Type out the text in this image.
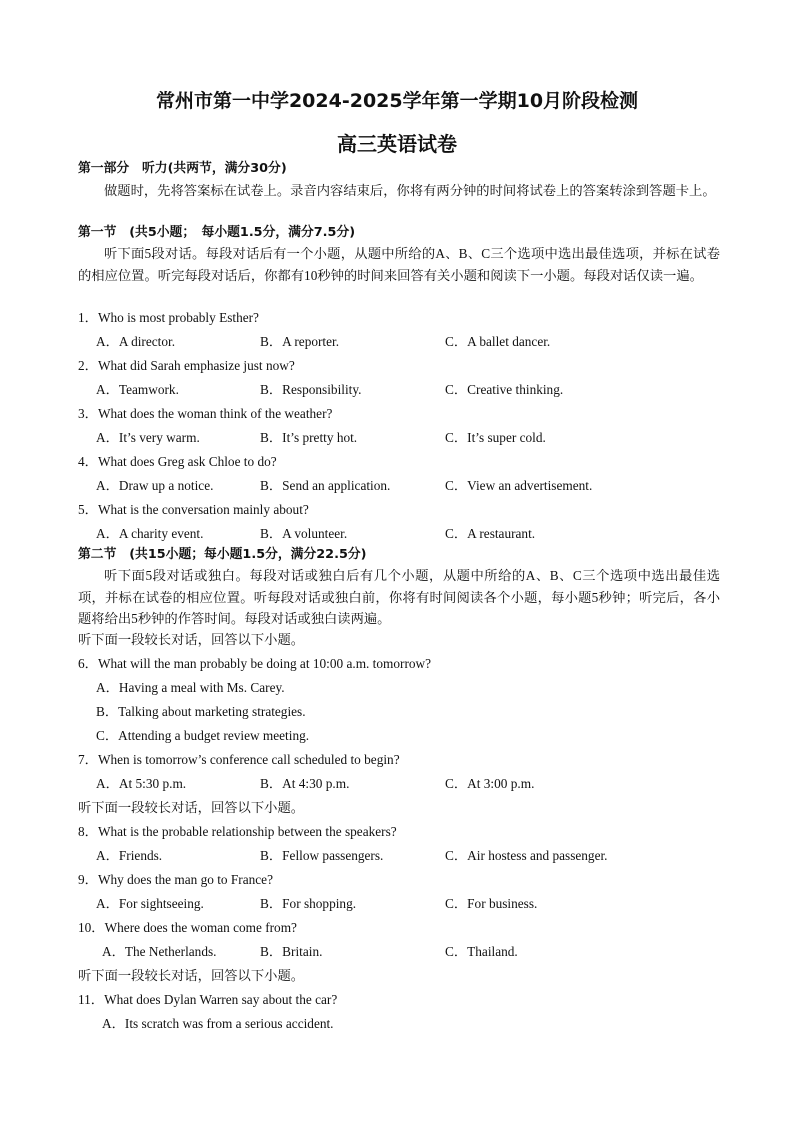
常州市第一中学2024-2025学年第一学期10月阶段检测
高三英语试卷
第一部分　听力(共两节，满分30分)
做题时，先将答案标在试卷上。录音内容结束后，你将有两分钟的时间将试卷上的答案转涂到答题卡上。
第一节　(共5小题；　每小题1.5分，满分7.5分)
听下面5段对话。每段对话后有一个小题，从题中所给的A、B、C三个选项中选出最佳选项，并标在试卷的相应位置。听完每段对话后，你都有10秒钟的时间来回答有关小题和阅读下一小题。每段对话仅读一遍。
1．Who is most probably Esther?
A．A director.	B．A reporter.	C．A ballet dancer.
2．What did Sarah emphasize just now?
A．Teamwork.	B．Responsibility.	C．Creative thinking.
3．What does the woman think of the weather?
A．It’s very warm.	B．It’s pretty hot.	C．It’s super cold.
4．What does Greg ask Chloe to do?
A．Draw up a notice.	B．Send an application.	C．View an advertisement.
5．What is the conversation mainly about?
A．A charity event.	B．A volunteer.	C．A restaurant.
第二节　(共15小题；每小题1.5分，满分22.5分)
听下面5段对话或独白。每段对话或独白后有几个小题，从题中所给的A、B、C三个选项中选出最佳选项，并标在试卷的相应位置。听每段对话或独白前，你将有时间阅读各个小题，每小题5秒钟；听完后，各小题将给出5秒钟的作答时间。每段对话或独白读两遍。
听下面一段较长对话，回答以下小题。
6．What will the man probably be doing at 10:00 a.m. tomorrow?
A．Having a meal with Ms. Carey.
B．Talking about marketing strategies.
C．Attending a budget review meeting.
7．When is tomorrow’s conference call scheduled to begin?
A．At 5:30 p.m.	B．At 4:30 p.m.	C．At 3:00 p.m.
听下面一段较长对话，回答以下小题。
8．What is the probable relationship between the speakers?
A．Friends.	B．Fellow passengers.	C．Air hostess and passenger.
9．Why does the man go to France?
A．For sightseeing.	B．For shopping.	C．For business.
10．Where does the woman come from?
A．The Netherlands.	B．Britain.	C．Thailand.
听下面一段较长对话，回答以下小题。
11．What does Dylan Warren say about the car?
A．Its scratch was from a serious accident.
